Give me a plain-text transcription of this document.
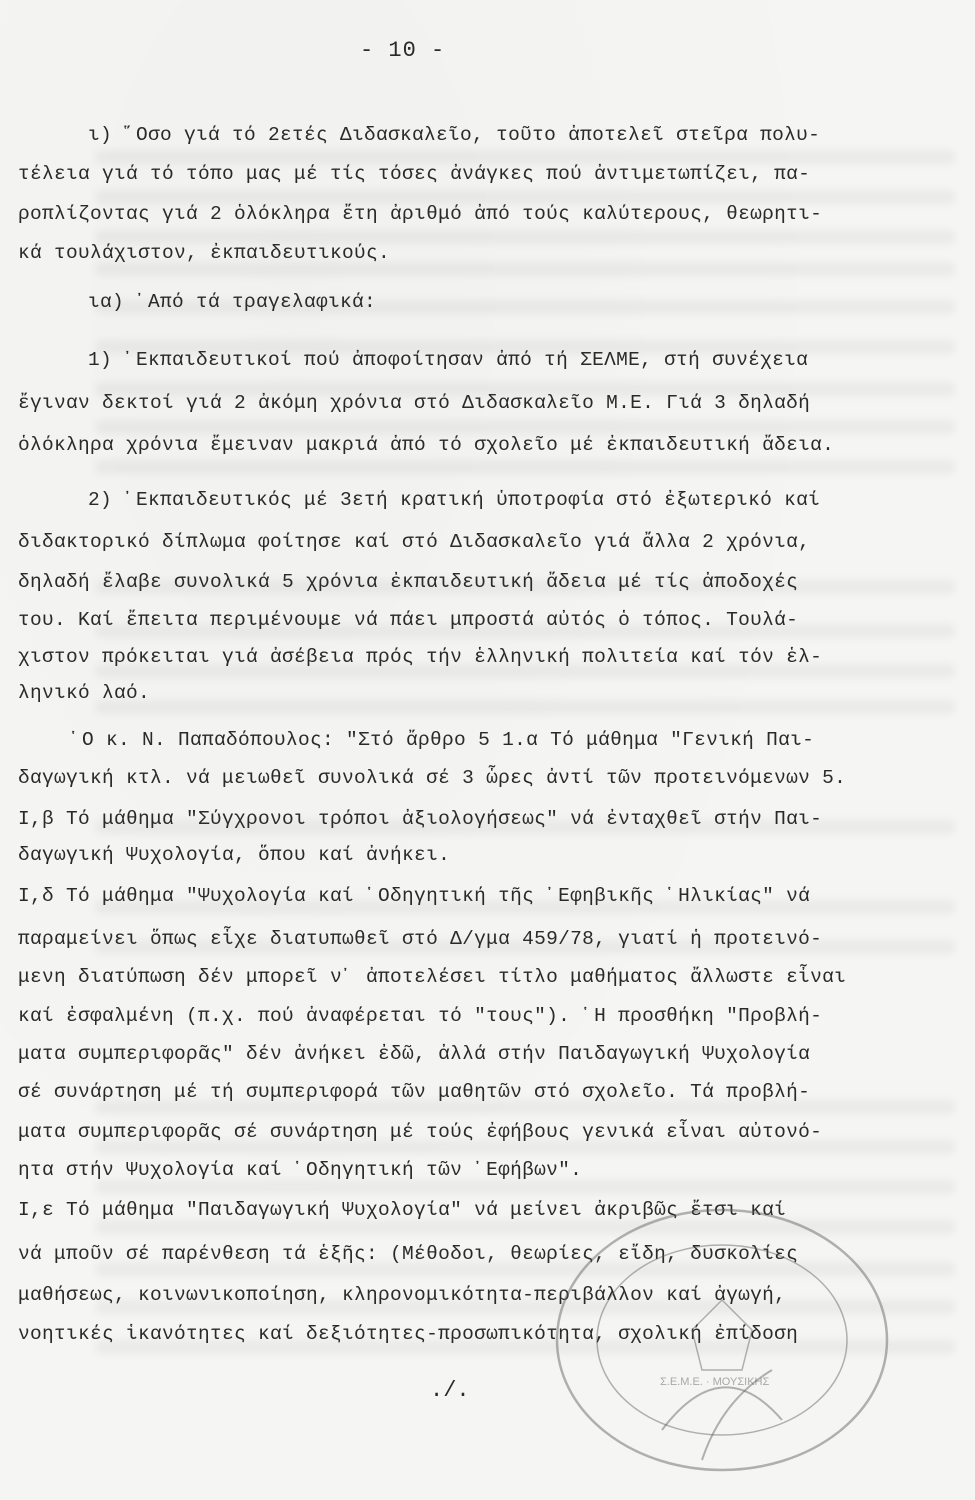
- 10 -
ι) ῞Οσο γιά τό 2ετές Διδασκαλεῖο, τοῦτο ἀποτελεῖ στεῖρα πολυ-
τέλεια γιά τό τόπο μας μέ τίς τόσες ἀνάγκες πού ἀντιμετωπίζει, πα-
ροπλίζοντας γιά 2 ὁλόκληρα ἔτη ἀριθμό ἀπό τούς καλύτερους, θεωρητι-
κά τουλάχιστον, ἐκπαιδευτικούς.
ια) ᾽Από τά τραγελαφικά:
1) ᾽Εκπαιδευτικοί πού ἀποφοίτησαν ἀπό τή ΣΕΛΜΕ, στή συνέχεια
ἔγιναν δεκτοί γιά 2 ἀκόμη χρόνια στό Διδασκαλεῖο Μ.Ε. Γιά 3 δηλαδή
ὁλόκληρα χρόνια ἔμειναν μακριά ἀπό τό σχολεῖο μέ ἐκπαιδευτική ἄδεια.
2) ᾽Εκπαιδευτικός μέ 3ετή κρατική ὑποτροφία στό ἐξωτερικό καί
διδακτορικό δίπλωμα φοίτησε καί στό Διδασκαλεῖο γιά ἄλλα 2 χρόνια,
δηλαδή ἔλαβε συνολικά 5 χρόνια ἐκπαιδευτική ἄδεια μέ τίς ἀποδοχές
του. Καί ἔπειτα περιμένουμε νά πάει μπροστά αὐτός ὁ τόπος. Τουλά-
χιστον πρόκειται γιά ἀσέβεια πρός τήν ἑλληνική πολιτεία καί τόν ἑλ-
ληνικό λαό.
῾Ο κ. Ν. Παπαδόπουλος: "Στό ἄρθρο 5 1.α Τό μάθημα "Γενική Παι-
δαγωγική κτλ. νά μειωθεῖ συνολικά σέ 3 ὧρες ἀντί τῶν προτεινόμενων 5.
Ι,β Τό μάθημα "Σύγχρονοι τρόποι ἀξιολογήσεως" νά ἐνταχθεῖ στήν Παι-
δαγωγική Ψυχολογία, ὅπου καί ἀνήκει.
Ι,δ Τό μάθημα "Ψυχολογία καί ῾Οδηγητική τῆς ᾽Εφηβικῆς ῾Ηλικίας" νά
παραμείνει ὅπως εἶχε διατυπωθεῖ στό Δ/γμα 459/78, γιατί ἡ προτεινό-
μενη διατύπωση δέν μπορεῖ ν᾽ ἀποτελέσει τίτλο μαθήματος ἄλλωστε εἶναι
καί ἐσφαλμένη (π.χ. πού ἀναφέρεται τό "τους"). ῾Η προσθήκη "Προβλή-
ματα συμπεριφορᾶς" δέν ἀνήκει ἐδῶ, ἀλλά στήν Παιδαγωγική Ψυχολογία
σέ συνάρτηση μέ τή συμπεριφορά τῶν μαθητῶν στό σχολεῖο. Τά προβλή-
ματα συμπεριφορᾶς σέ συνάρτηση μέ τούς ἐφήβους γενικά εἶναι αὐτονό-
ητα στήν Ψυχολογία καί ῾Οδηγητική τῶν ᾽Εφήβων".
Ι,ε Τό μάθημα "Παιδαγωγική Ψυχολογία" νά μείνει ἀκριβῶς ἔτσι καί
νά μποῦν σέ παρένθεση τά ἑξῆς: (Μέθοδοι, θεωρίες, εἴδη, δυσκολίες
μαθήσεως, κοινωνικοποίηση, κληρονομικότητα-περιβάλλον καί ἀγωγή,
νοητικές ἱκανότητες καί δεξιότητες-προσωπικότητα, σχολική ἐπίδοση
./.	Σ.Ε.Μ.Ε. · ΜΟΥΣΙΚΗΣ
